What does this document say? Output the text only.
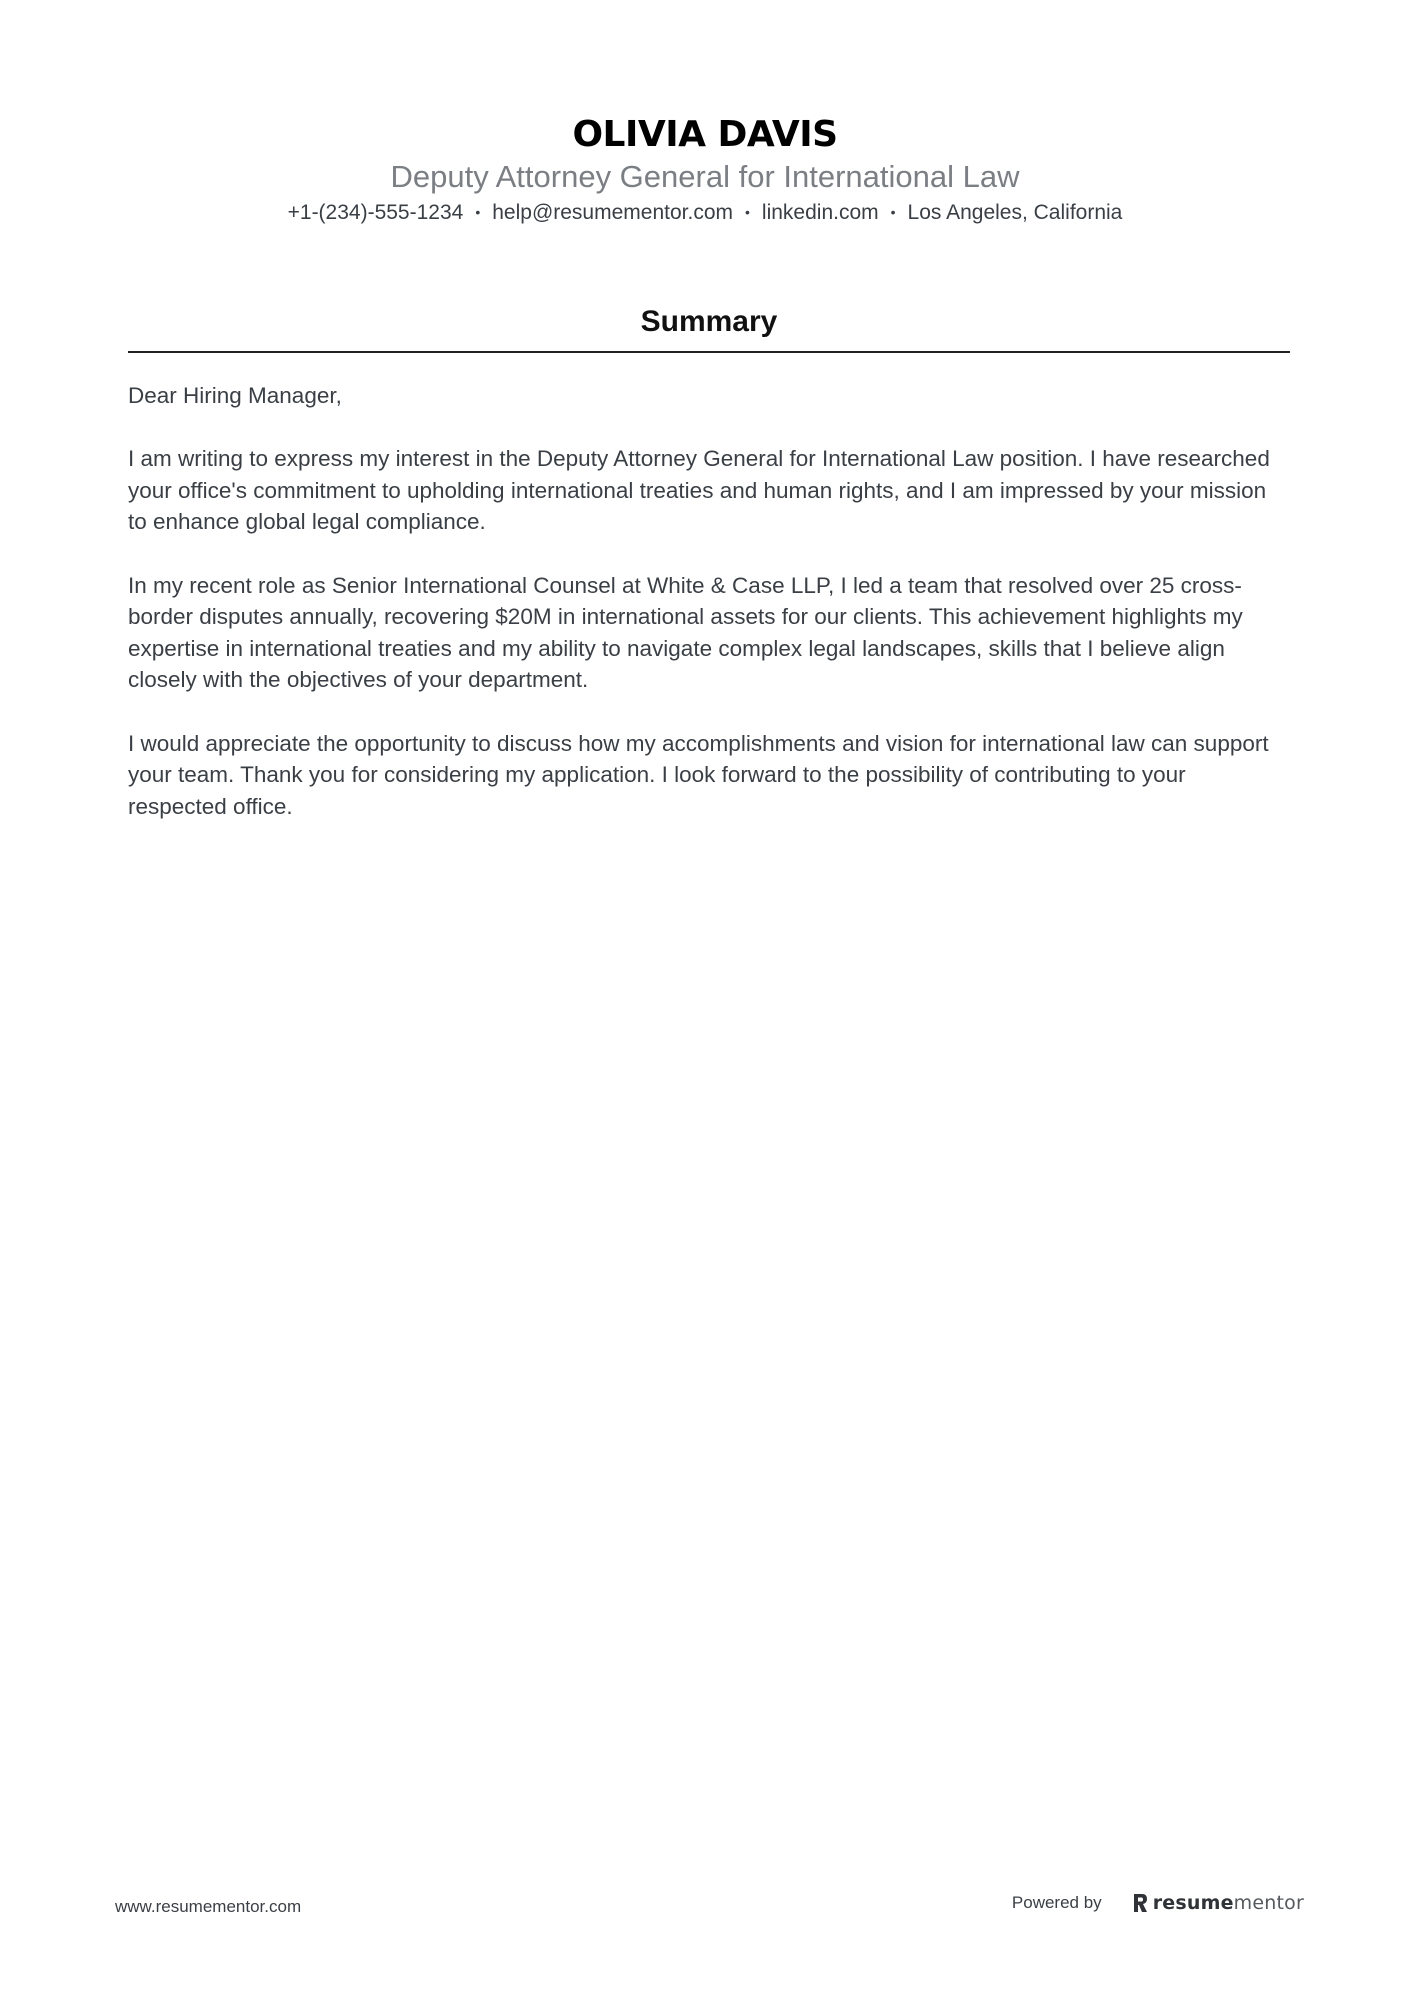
OLIVIA DAVIS
Deputy Attorney General for International Law
+1-(234)-555-1234 • help@resumementor.com • linkedin.com • Los Angeles, California
Summary

Dear Hiring Manager,

I am writing to express my interest in the Deputy Attorney General for International Law position. I have researched your office's commitment to upholding international treaties and human rights, and I am impressed by your mission to enhance global legal compliance.

In my recent role as Senior International Counsel at White & Case LLP, I led a team that resolved over 25 cross-border disputes annually, recovering $20M in international assets for our clients. This achievement highlights my expertise in international treaties and my ability to navigate complex legal landscapes, skills that I believe align closely with the objectives of your department.

I would appreciate the opportunity to discuss how my accomplishments and vision for international law can support your team. Thank you for considering my application. I look forward to the possibility of contributing to your respected office.

www.resumementor.com	Powered by	resumementor
